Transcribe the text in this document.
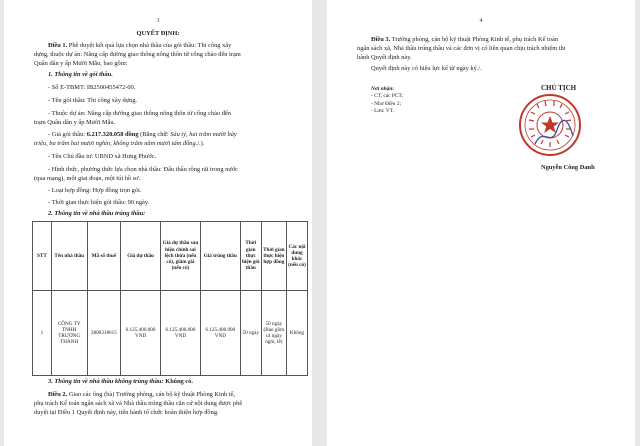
3

QUYẾT ĐỊNH:

Điều 1. Phê duyệt kết quả lựa chọn nhà thầu của gói thầu: Thi công xây

dựng, thuộc dự án: Nâng cấp đường giao thông nông thôn từ cống chào đến trạm

Quân dân y ấp Mười Mẫu, bao gồm:

1. Thông tin về gói thầu.

- Số E-TBMT: IB2500455472-00.

- Tên gói thầu: Thi công xây dựng.

- Thuộc dự án: Nâng cấp đường giao thông nông thôn từ cống chào đến

trạm Quân dân y ấp Mười Mẫu.

- Giá gói thầu: 6.217.320.058 đồng (Bằng chữ: Sáu tỷ, hai trăm mười bảy

triệu, ba trăm hai mươi nghìn, không trăm năm mươi tám đồng./.).

- Tên Chủ đầu tư: UBND xã Hưng Phước.

- Hình thức, phương thức lựa chọn nhà thầu: Đấu thầu rộng rãi trong nước

(qua mạng), một giai đoạn, một túi hồ sơ.

- Loại hợp đồng: Hợp đồng trọn gói.

- Thời gian thực hiện gói thầu: 90 ngày.

2. Thông tin về nhà thầu trúng thầu:

STT	Tên nhà thầu	Mã số thuế	Giá dự thầu	Giá dự thầu sau hiệu chỉnh sai lệch thừa (nếu có), giảm giá (nếu có)	Giá trúng thầu	Thời gian thực hiện gói thầu	Thời gian thực hiện hợp đồng	Các nội dung khác (nếu có)
1	CÔNG TY TNHH TRƯỜNG THÀNH	3800318615	6.125.400.000 VND	6.125.400.000 VND	6.125.400.000 VND	50 ngày	50 ngày (Bao gồm cả ngày nghỉ, lễ)	Không

3. Thông tin về nhà thầu không trúng thầu: Không có.

Điều 2. Giao các ông (bà) Trưởng phòng, cán bộ kỹ thuật Phòng Kinh tế,

phụ trách Kế toán ngân sách xã và Nhà thầu trúng thầu căn cứ nội dung được phê

duyệt tại Điều 1 Quyết định này, tiến hành tổ chức hoàn thiện hợp đồng.

4

Điều 3. Trưởng phòng, cán bộ kỹ thuật Phòng Kinh tế, phụ trách Kế toán

ngân sách xã, Nhà thầu trúng thầu và các đơn vị có liên quan chịu trách nhiệm thi

hành Quyết định này.

Quyết định này có hiệu lực kể từ ngày ký./.

Nơi nhận:
- CT, các PCT;
- Như Điều 2;
- Lưu: VT.
CHỦ TỊCH
Nguyễn Công Danh
